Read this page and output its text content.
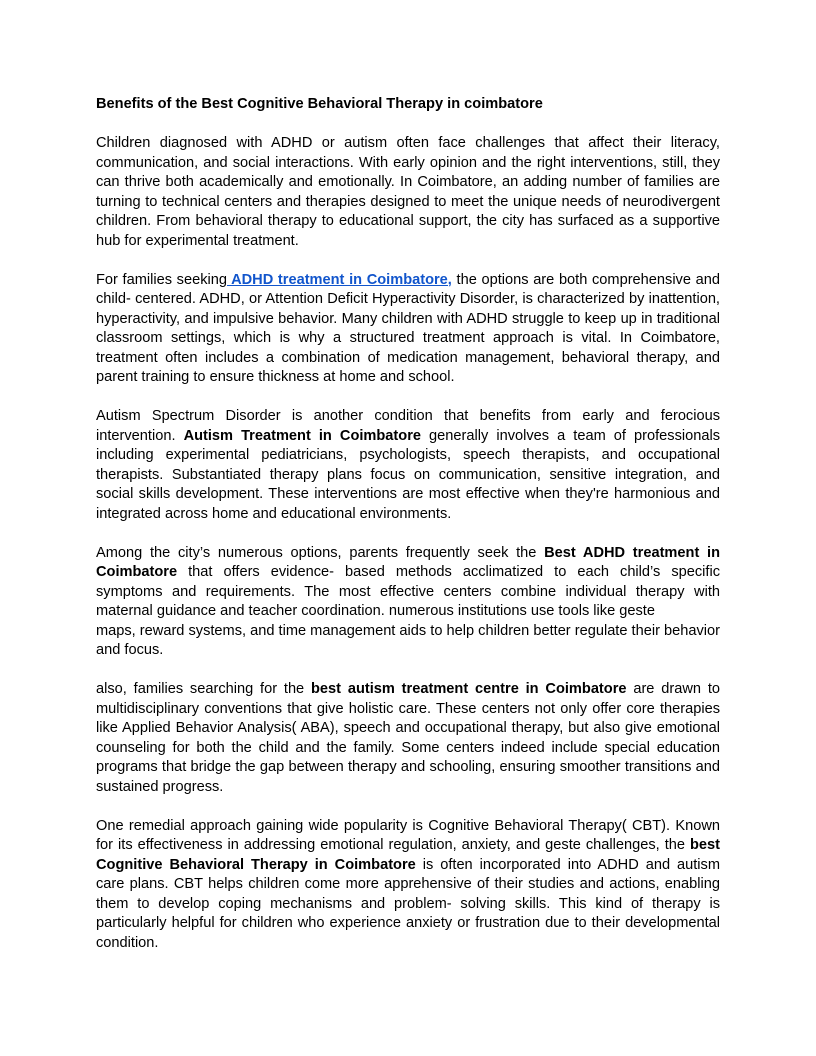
Benefits of the Best Cognitive Behavioral Therapy in coimbatore

Children diagnosed with ADHD or autism often face challenges that affect their literacy, communication, and social interactions. With early opinion and the right interventions, still, they can thrive both academically and emotionally. In Coimbatore, an adding number of families are turning to technical centers and therapies designed to meet the unique needs of neurodivergent children. From behavioral therapy to educational support, the city has surfaced as a supportive hub for experimental treatment.

For families seeking ADHD treatment in Coimbatore, the options are both comprehensive and child- centered. ADHD, or Attention Deficit Hyperactivity Disorder, is characterized by inattention, hyperactivity, and impulsive behavior. Many children with ADHD struggle to keep up in traditional classroom settings, which is why a structured treatment approach is vital. In Coimbatore, treatment often includes a combination of medication management, behavioral therapy, and parent training to ensure thickness at home and school.

Autism Spectrum Disorder is another condition that benefits from early and ferocious intervention. Autism Treatment in Coimbatore generally involves a team of professionals including experimental pediatricians, psychologists, speech therapists, and occupational therapists. Substantiated therapy plans focus on communication, sensitive integration, and social skills development. These interventions are most effective when they're harmonious and integrated across home and educational environments.

Among the city’s numerous options, parents frequently seek the Best ADHD treatment in Coimbatore that offers evidence- based methods acclimatized to each child’s specific symptoms and requirements. The most effective centers combine individual therapy with maternal guidance and teacher coordination. numerous institutions use tools like geste
maps, reward systems, and time management aids to help children better regulate their behavior and focus.

also, families searching for the best autism treatment centre in Coimbatore are drawn to multidisciplinary conventions that give holistic care. These centers not only offer core therapies like Applied Behavior Analysis( ABA), speech and occupational therapy, but also give emotional counseling for both the child and the family. Some centers indeed include special education programs that bridge the gap between therapy and schooling, ensuring smoother transitions and sustained progress.

One remedial approach gaining wide popularity is Cognitive Behavioral Therapy( CBT). Known for its effectiveness in addressing emotional regulation, anxiety, and geste challenges, the best Cognitive Behavioral Therapy in Coimbatore is often incorporated into ADHD and autism care plans. CBT helps children come more apprehensive of their studies and actions, enabling them to develop coping mechanisms and problem- solving skills. This kind of therapy is particularly helpful for children who experience anxiety or frustration due to their developmental condition.
